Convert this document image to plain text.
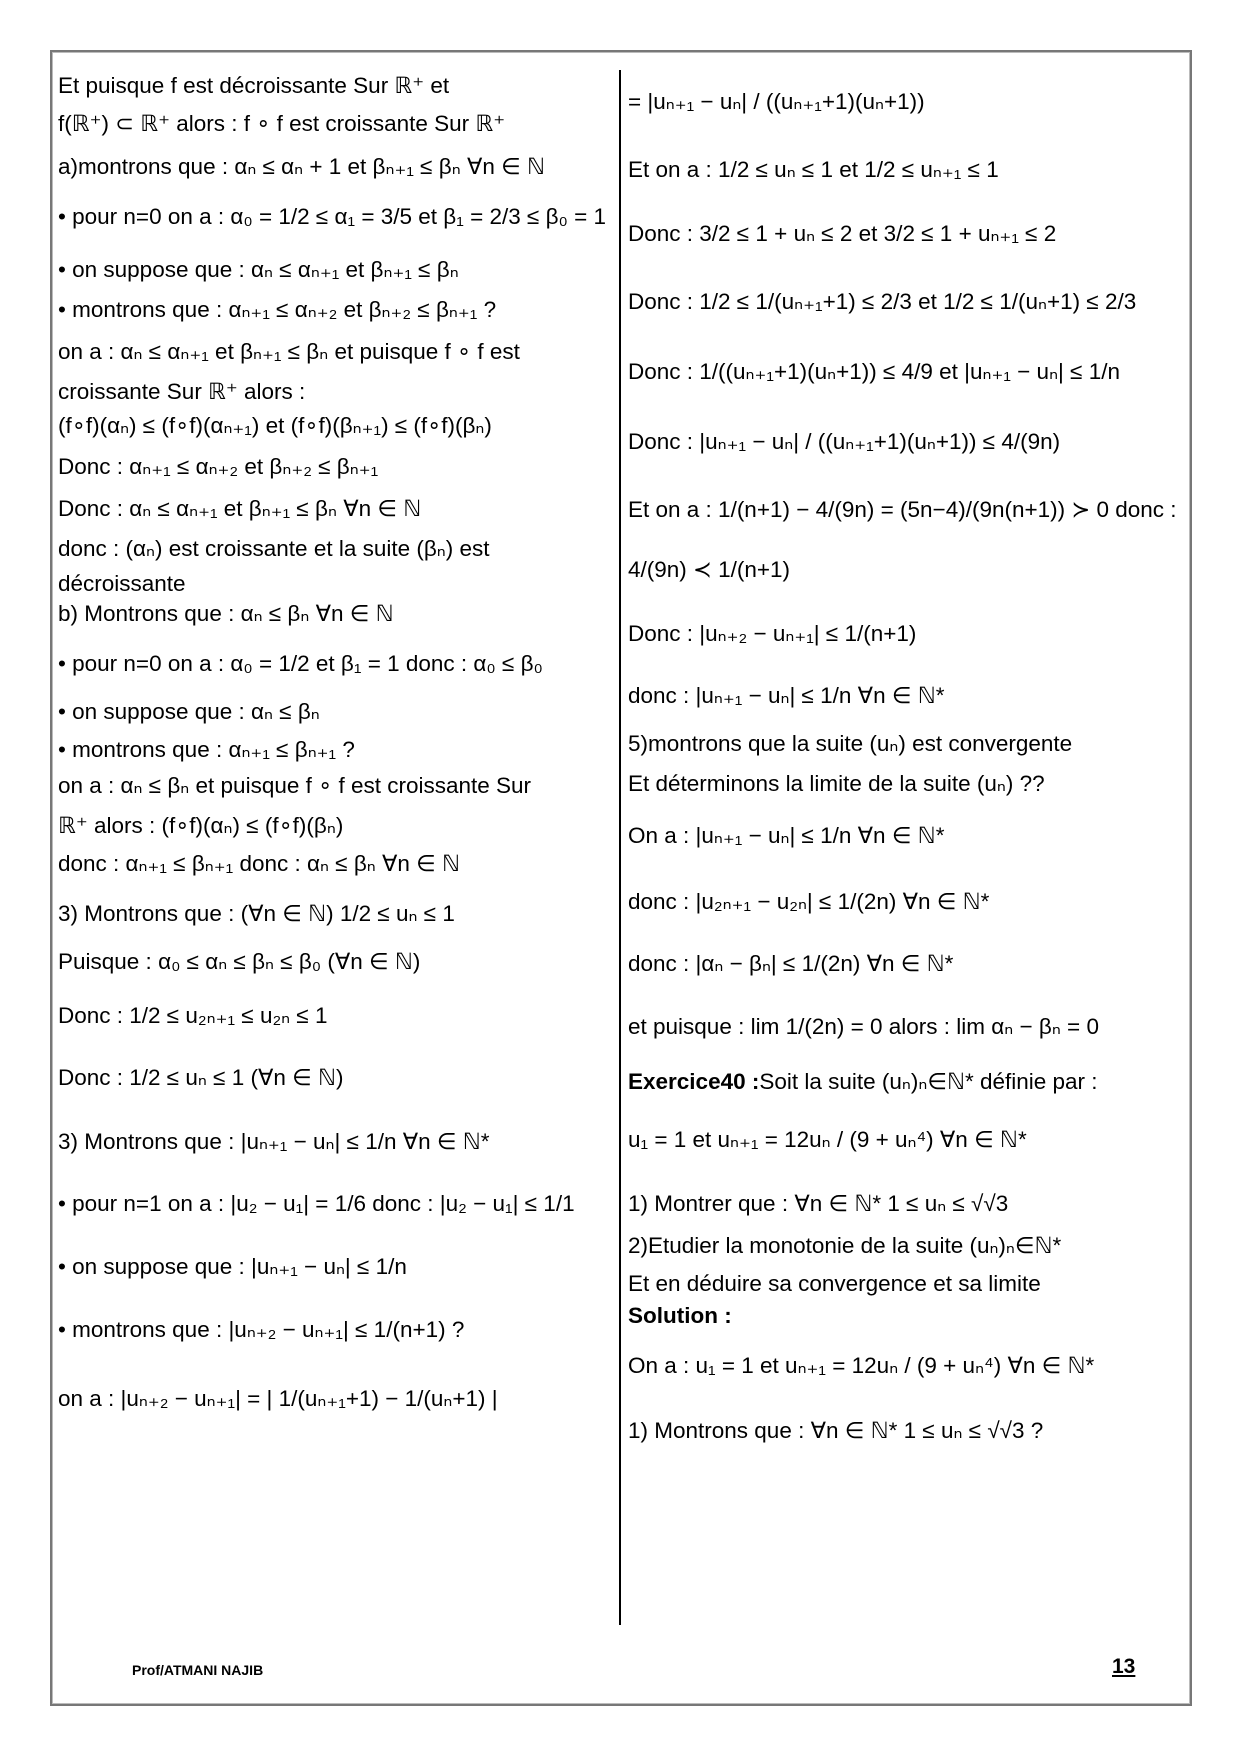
Et puisque f est décroissante Sur ℝ⁺ et
f(ℝ⁺) ⊂ ℝ⁺ alors : f ∘ f est croissante Sur ℝ⁺
a)montrons que : αₙ ≤ αₙ + 1 et βₙ₊₁ ≤ βₙ ∀n ∈ ℕ
• pour n=0 on a : α₀ = 1/2 ≤ α₁ = 3/5 et β₁ = 2/3 ≤ β₀ = 1
• on suppose que : αₙ ≤ αₙ₊₁ et βₙ₊₁ ≤ βₙ
• montrons que : αₙ₊₁ ≤ αₙ₊₂ et βₙ₊₂ ≤ βₙ₊₁ ?
on a : αₙ ≤ αₙ₊₁ et βₙ₊₁ ≤ βₙ et puisque f ∘ f est
croissante Sur ℝ⁺ alors :
(f∘f)(αₙ) ≤ (f∘f)(αₙ₊₁) et (f∘f)(βₙ₊₁) ≤ (f∘f)(βₙ)
Donc : αₙ₊₁ ≤ αₙ₊₂ et βₙ₊₂ ≤ βₙ₊₁
Donc : αₙ ≤ αₙ₊₁ et βₙ₊₁ ≤ βₙ ∀n ∈ ℕ
donc : (αₙ) est croissante et la suite (βₙ) est
décroissante
b) Montrons que : αₙ ≤ βₙ ∀n ∈ ℕ
• pour n=0 on a : α₀ = 1/2 et β₁ = 1 donc : α₀ ≤ β₀
• on suppose que : αₙ ≤ βₙ
• montrons que : αₙ₊₁ ≤ βₙ₊₁ ?
on a : αₙ ≤ βₙ et puisque f ∘ f est croissante Sur
ℝ⁺ alors : (f∘f)(αₙ) ≤ (f∘f)(βₙ)
donc : αₙ₊₁ ≤ βₙ₊₁ donc : αₙ ≤ βₙ ∀n ∈ ℕ
3) Montrons que : (∀n ∈ ℕ) 1/2 ≤ uₙ ≤ 1
Puisque : α₀ ≤ αₙ ≤ βₙ ≤ β₀ (∀n ∈ ℕ)
Donc : 1/2 ≤ u₂ₙ₊₁ ≤ u₂ₙ ≤ 1
Donc : 1/2 ≤ uₙ ≤ 1 (∀n ∈ ℕ)
3) Montrons que : |uₙ₊₁ − uₙ| ≤ 1/n ∀n ∈ ℕ*
• pour n=1 on a : |u₂ − u₁| = 1/6 donc : |u₂ − u₁| ≤ 1/1
• on suppose que : |uₙ₊₁ − uₙ| ≤ 1/n
• montrons que : |uₙ₊₂ − uₙ₊₁| ≤ 1/(n+1) ?
on a : |uₙ₊₂ − uₙ₊₁| = | 1/(uₙ₊₁+1) − 1/(uₙ+1) |
= |uₙ₊₁ − uₙ| / ((uₙ₊₁+1)(uₙ+1))
Et on a : 1/2 ≤ uₙ ≤ 1 et 1/2 ≤ uₙ₊₁ ≤ 1
Donc : 3/2 ≤ 1 + uₙ ≤ 2 et 3/2 ≤ 1 + uₙ₊₁ ≤ 2
Donc : 1/2 ≤ 1/(uₙ₊₁+1) ≤ 2/3 et 1/2 ≤ 1/(uₙ+1) ≤ 2/3
Donc : 1/((uₙ₊₁+1)(uₙ+1)) ≤ 4/9 et |uₙ₊₁ − uₙ| ≤ 1/n
Donc : |uₙ₊₁ − uₙ| / ((uₙ₊₁+1)(uₙ+1)) ≤ 4/(9n)
Et on a : 1/(n+1) − 4/(9n) = (5n−4)/(9n(n+1)) ≻ 0 donc :
4/(9n) ≺ 1/(n+1)
Donc : |uₙ₊₂ − uₙ₊₁| ≤ 1/(n+1)
donc : |uₙ₊₁ − uₙ| ≤ 1/n ∀n ∈ ℕ*
5)montrons que la suite (uₙ) est convergente
Et déterminons la limite de la suite (uₙ) ??
On a : |uₙ₊₁ − uₙ| ≤ 1/n ∀n ∈ ℕ*
donc : |u₂ₙ₊₁ − u₂ₙ| ≤ 1/(2n) ∀n ∈ ℕ*
donc : |αₙ − βₙ| ≤ 1/(2n) ∀n ∈ ℕ*
et puisque : lim 1/(2n) = 0 alors : lim αₙ − βₙ = 0
Exercice40 :Soit la suite (uₙ)ₙ∈ℕ* définie par :
u₁ = 1 et uₙ₊₁ = 12uₙ / (9 + uₙ⁴) ∀n ∈ ℕ*
1) Montrer que : ∀n ∈ ℕ* 1 ≤ uₙ ≤ √√3
2)Etudier la monotonie de la suite (uₙ)ₙ∈ℕ*
Et en déduire sa convergence et sa limite
Solution :
On a : u₁ = 1 et uₙ₊₁ = 12uₙ / (9 + uₙ⁴) ∀n ∈ ℕ*
1) Montrons que : ∀n ∈ ℕ* 1 ≤ uₙ ≤ √√3 ?
Prof/ATMANI NAJIB	13
